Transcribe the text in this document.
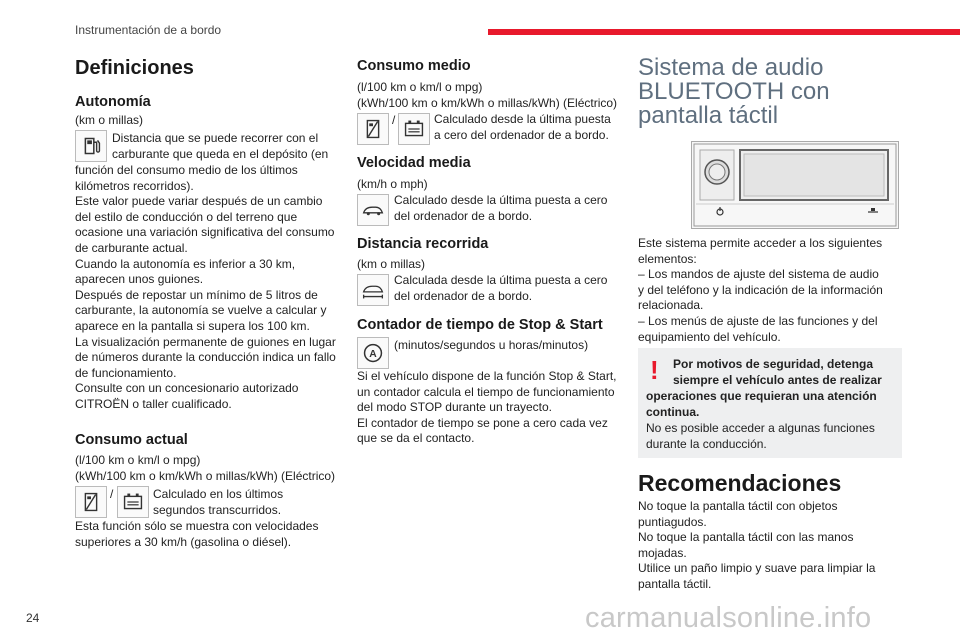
Instrumentación de a bordo
Definiciones
Autonomía
(km o millas)
Distancia que se puede recorrer con el
carburante que queda en el depósito (en
función del consumo medio de los últimos
kilómetros recorridos).
Este valor puede variar después de un cambio
del estilo de conducción o del terreno que
ocasione una variación significativa del consumo
de carburante actual.
Cuando la autonomía es inferior a 30 km,
aparecen unos guiones.
Después de repostar un mínimo de 5 litros de
carburante, la autonomía se vuelve a calcular y
aparece en la pantalla si supera los 100 km.
La visualización permanente de guiones en lugar
de números durante la conducción indica un fallo
de funcionamiento.
Consulte con un concesionario autorizado
CITROËN o taller cualificado.
Consumo actual
(l/100 km o km/l o mpg)
(kWh/100 km o km/kWh o millas/kWh) (Eléctrico)
/	Calculado en los últimos
segundos transcurridos.
Esta función sólo se muestra con velocidades
superiores a 30 km/h (gasolina o diésel).
Consumo medio
(l/100 km o km/l o mpg)
(kWh/100 km o km/kWh o millas/kWh) (Eléctrico)
/	Calculado desde la última puesta
a cero del ordenador de a bordo.
Velocidad media
(km/h o mph)
Calculado desde la última puesta a cero
del ordenador de a bordo.
Distancia recorrida
(km o millas)
Calculada desde la última puesta a cero
del ordenador de a bordo.
Contador de tiempo de Stop & Start
A
(minutos/segundos u horas/minutos)
Si el vehículo dispone de la función Stop & Start,
un contador calcula el tiempo de funcionamiento
del modo STOP durante un trayecto.
El contador de tiempo se pone a cero cada vez
que se da el contacto.
Sistema de audio
BLUETOOTH con
pantalla táctil
Este sistema permite acceder a los siguientes
elementos:
– Los mandos de ajuste del sistema de audio
y del teléfono y la indicación de la información
relacionada.
– Los menús de ajuste de las funciones y del
equipamiento del vehículo.
! Por motivos de seguridad, detenga
siempre el vehículo antes de realizar
operaciones que requieran una atención
continua.
No es posible acceder a algunas funciones
durante la conducción.
Recomendaciones
No toque la pantalla táctil con objetos
puntiagudos.
No toque la pantalla táctil con las manos
mojadas.
Utilice un paño limpio y suave para limpiar la
pantalla táctil.
24	carmanualsonline.info
